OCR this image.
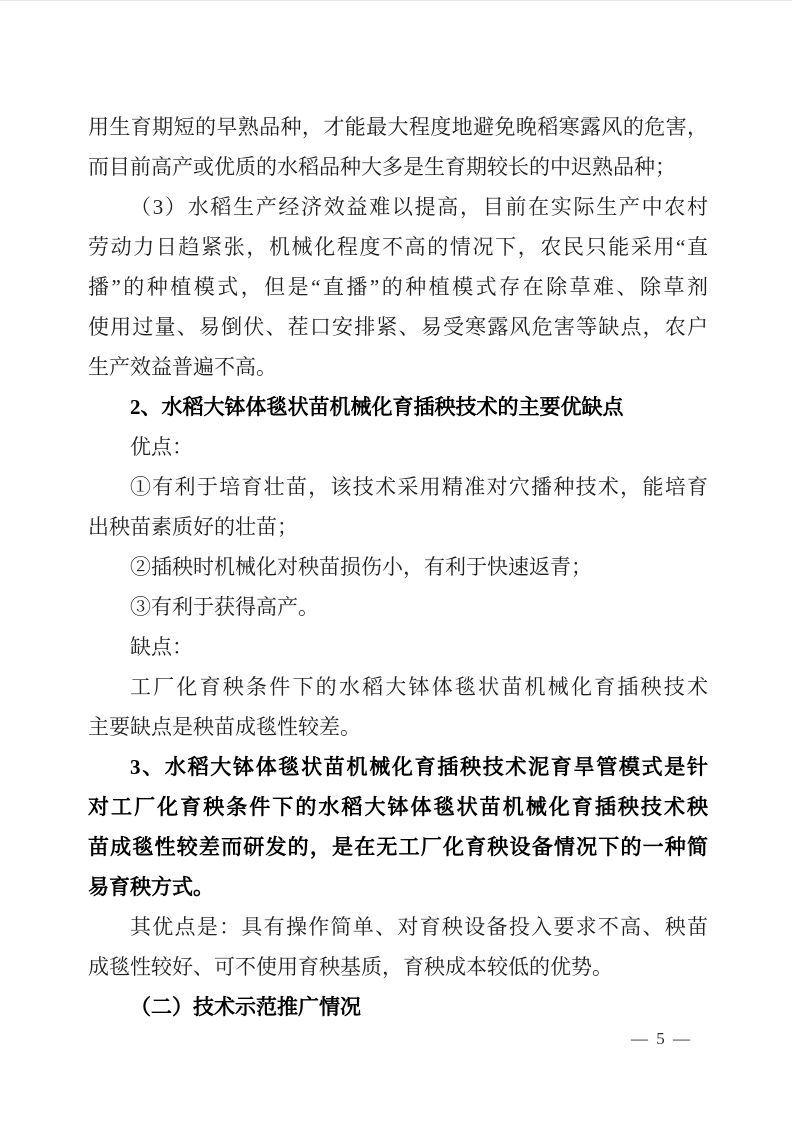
用生育期短的早熟品种，才能最大程度地避免晚稻寒露风的危害，
而目前高产或优质的水稻品种大多是生育期较长的中迟熟品种；
（3）水稻生产经济效益难以提高，目前在实际生产中农村
劳动力日趋紧张，机械化程度不高的情况下，农民只能采用“直
播”的种植模式，但是“直播”的种植模式存在除草难、除草剂
使用过量、易倒伏、茬口安排紧、易受寒露风危害等缺点，农户
生产效益普遍不高。
2、水稻大钵体毯状苗机械化育插秧技术的主要优缺点
优点：
①有利于培育壮苗，该技术采用精准对穴播种技术，能培育
出秧苗素质好的壮苗；
②插秧时机械化对秧苗损伤小，有利于快速返青；
③有利于获得高产。
缺点：
工厂化育秧条件下的水稻大钵体毯状苗机械化育插秧技术
主要缺点是秧苗成毯性较差。
3、水稻大钵体毯状苗机械化育插秧技术泥育旱管模式是针
对工厂化育秧条件下的水稻大钵体毯状苗机械化育插秧技术秧
苗成毯性较差而研发的，是在无工厂化育秧设备情况下的一种简
易育秧方式。
其优点是：具有操作简单、对育秧设备投入要求不高、秧苗
成毯性较好、可不使用育秧基质，育秧成本较低的优势。
（二）技术示范推广情况
— 5 —
